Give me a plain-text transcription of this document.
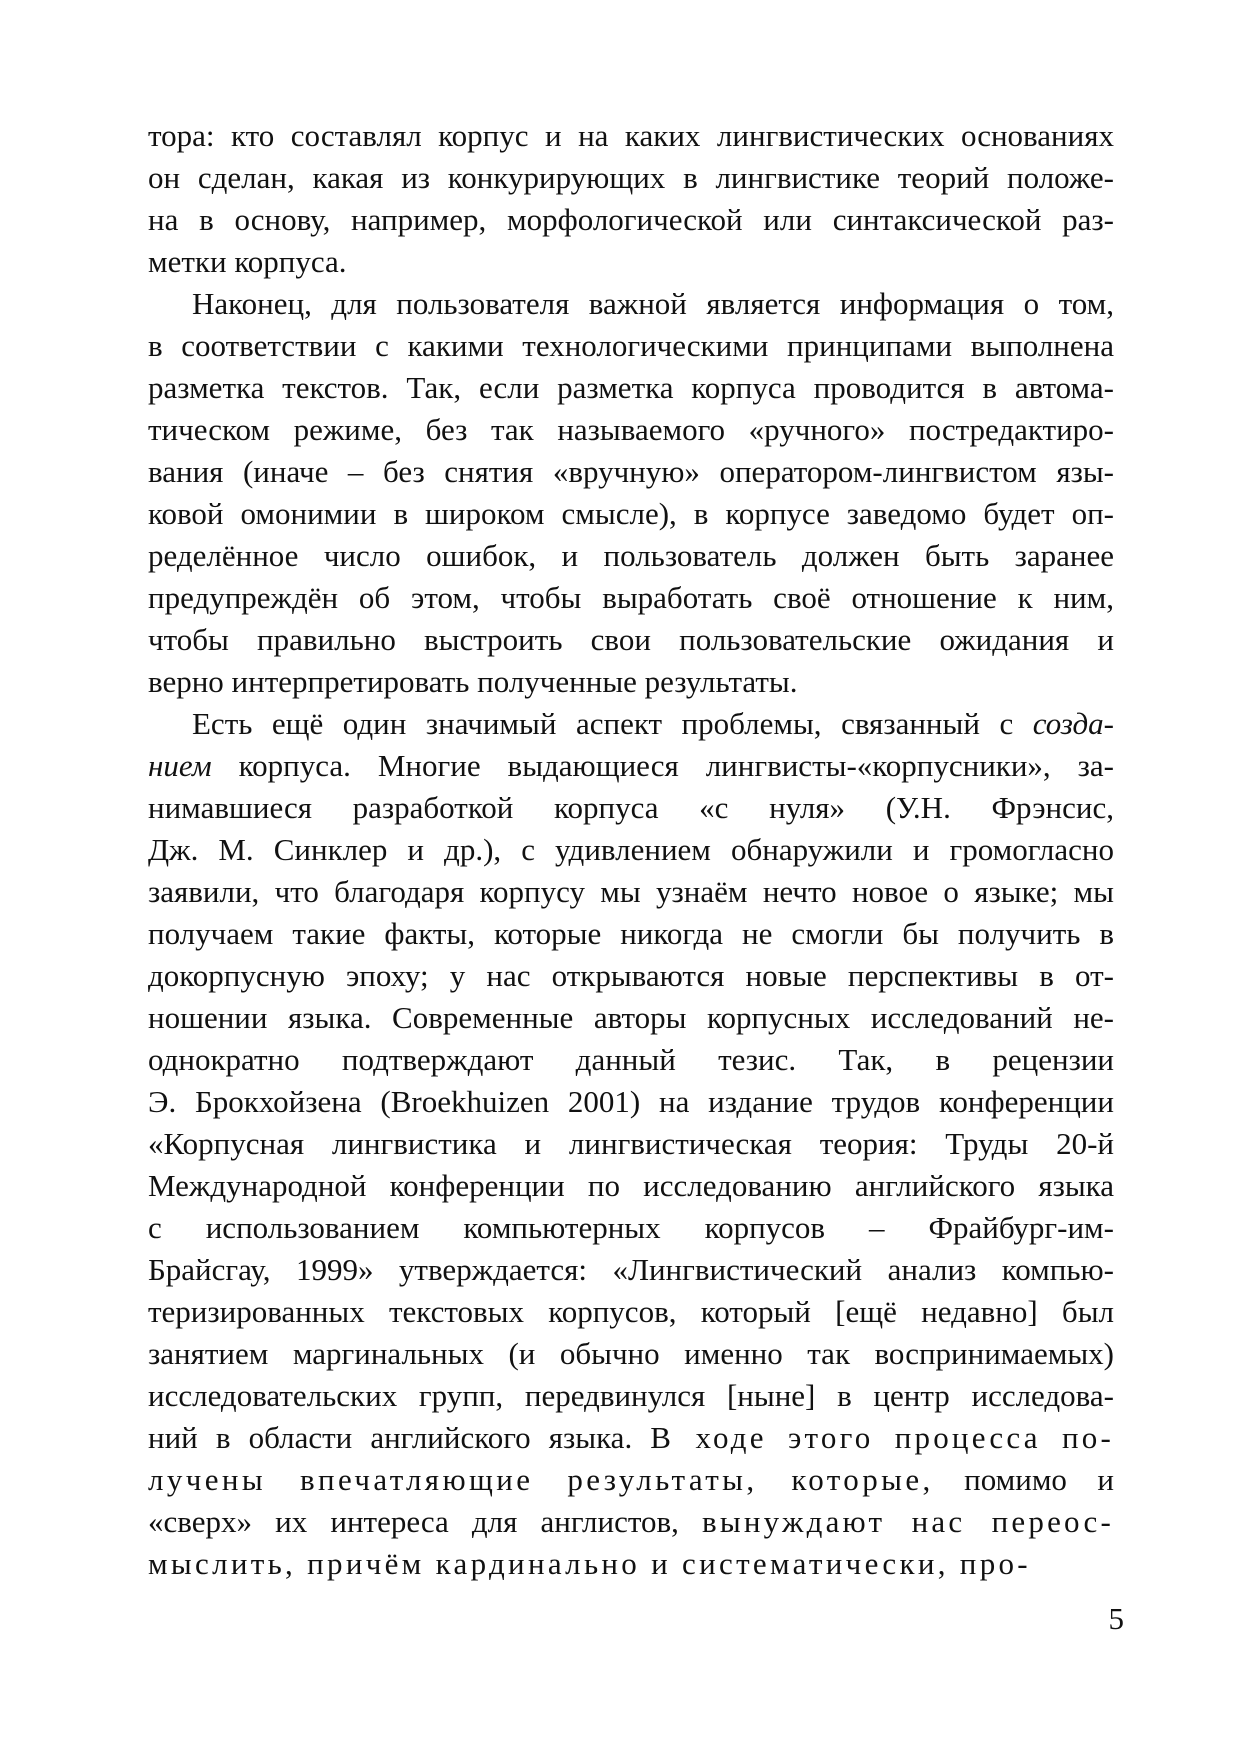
тора: кто составлял корпус и на каких лингвистических основаниях
он сделан, какая из конкурирующих в лингвистике теорий положе-
на в основу, например, морфологической или синтаксической раз-
метки корпуса.
Наконец, для пользователя важной является информация о том,
в соответствии с какими технологическими принципами выполнена
разметка текстов. Так, если разметка корпуса проводится в автома-
тическом режиме, без так называемого «ручного» постредактиро-
вания (иначе – без снятия «вручную» оператором-лингвистом язы-
ковой омонимии в широком смысле), в корпусе заведомо будет оп-
ределённое число ошибок, и пользователь должен быть заранее
предупреждён об этом, чтобы выработать своё отношение к ним,
чтобы правильно выстроить свои пользовательские ожидания и
верно интерпретировать полученные результаты.
Есть ещё один значимый аспект проблемы, связанный с созда-
нием корпуса. Многие выдающиеся лингвисты-«корпусники», за-
нимавшиеся разработкой корпуса «с нуля» (У.Н. Фрэнсис,
Дж. М. Синклер и др.), с удивлением обнаружили и громогласно
заявили, что благодаря корпусу мы узнаём нечто новое о языке; мы
получаем такие факты, которые никогда не смогли бы получить в
докорпусную эпоху; у нас открываются новые перспективы в от-
ношении языка. Современные авторы корпусных исследований не-
однократно подтверждают данный тезис. Так, в рецензии
Э. Брокхойзена (Broekhuizen 2001) на издание трудов конференции
«Корпусная лингвистика и лингвистическая теория: Труды 20-й
Международной конференции по исследованию английского языка
с использованием компьютерных корпусов – Фрайбург-им-
Брайсгау, 1999» утверждается: «Лингвистический анализ компью-
теризированных текстовых корпусов, который [ещё недавно] был
занятием маргинальных (и обычно именно так воспринимаемых)
исследовательских групп, передвинулся [ныне] в центр исследова-
ний в области английского языка. В ходе этого процесса по-
лучены впечатляющие результаты, которые, помимо и
«сверх» их интереса для англистов, вынуждают нас переос-
мыслить, причём кардинально и систематически, про-
5
